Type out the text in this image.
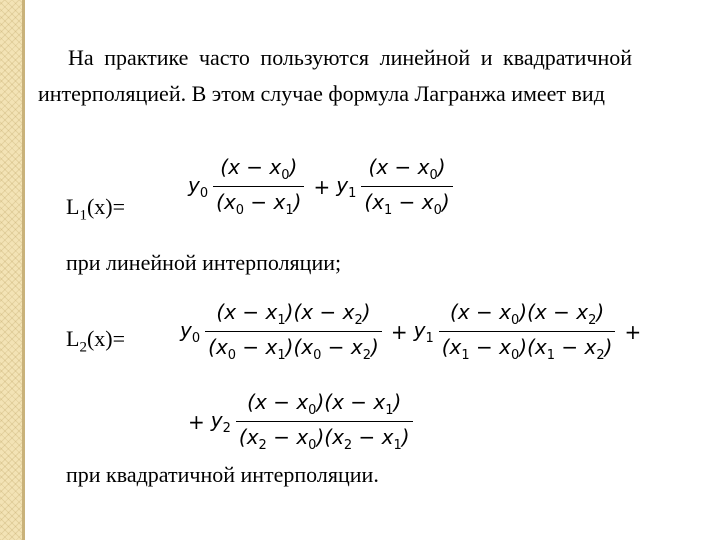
На практике часто пользуются линейной и квадратичной интерполяцией. В этом случае формула Лагранжа имеет вид
$L_1(x)=$
$y_0 \frac{(x - x_0)}{(x_0 - x_1)} + y_1 \frac{(x - x_0)}{(x_1 - x_0)}$
при линейной интерполяции;
$L_2(x)=$	$y_0 \frac{(x - x_1)(x - x_2)}{(x_0 - x_1)(x_0 - x_2)} + y_1 \frac{(x - x_0)(x - x_2)}{(x_1 - x_0)(x_1 - x_2)}$ +
+ $y_2 \frac{(x - x_0)(x - x_1)}{(x_2 - x_0)(x_2 - x_1)}$
при квадратичной интерполяции.
